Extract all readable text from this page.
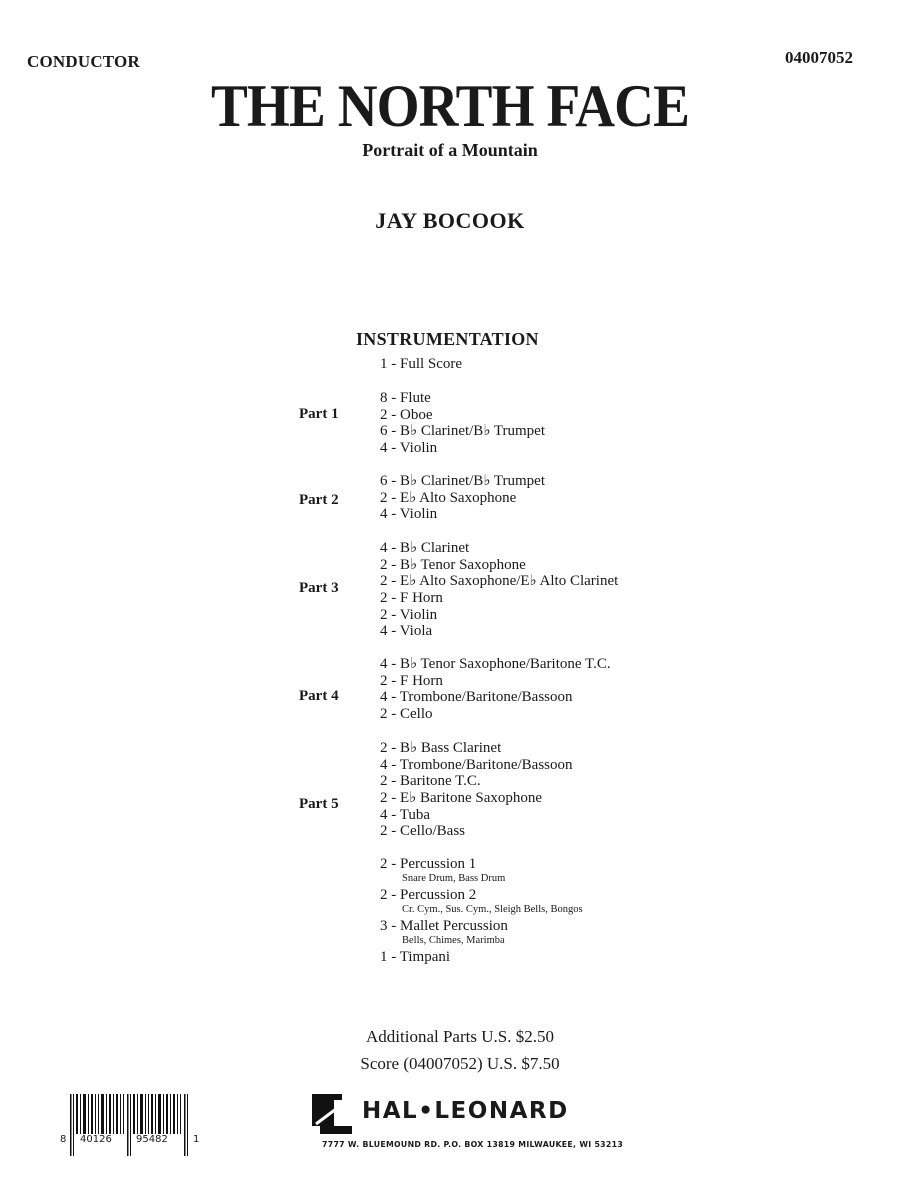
CONDUCTOR	04007052
THE NORTH FACE
Portrait of a Mountain
JAY BOCOOK
INSTRUMENTATION
1 - Full Score
Part 1
8 - Flute
2 - Oboe
6 - B♭ Clarinet/B♭ Trumpet
4 - Violin
Part 2
6 - B♭ Clarinet/B♭ Trumpet
2 - E♭ Alto Saxophone
4 - Violin
Part 3
4 - B♭ Clarinet
2 - B♭ Tenor Saxophone
2 - E♭ Alto Saxophone/E♭ Alto Clarinet
2 - F Horn
2 - Violin
4 - Viola
Part 4
4 - B♭ Tenor Saxophone/Baritone T.C.
2 - F Horn
4 - Trombone/Baritone/Bassoon
2 - Cello
Part 5
2 - B♭ Bass Clarinet
4 - Trombone/Baritone/Bassoon
2 - Baritone T.C.
2 - E♭ Baritone Saxophone
4 - Tuba
2 - Cello/Bass
2 - Percussion 1
Snare Drum, Bass Drum
2 - Percussion 2
Cr. Cym., Sus. Cym., Sleigh Bells, Bongos
3 - Mallet Percussion
Bells, Chimes, Marimba
1 - Timpani
Additional Parts U.S. $2.50
Score (04007052) U.S. $7.50
8 40126 95482	1
HAL•LEONARD
7777 W. BLUEMOUND RD. P.O. BOX 13819 MILWAUKEE, WI 53213
